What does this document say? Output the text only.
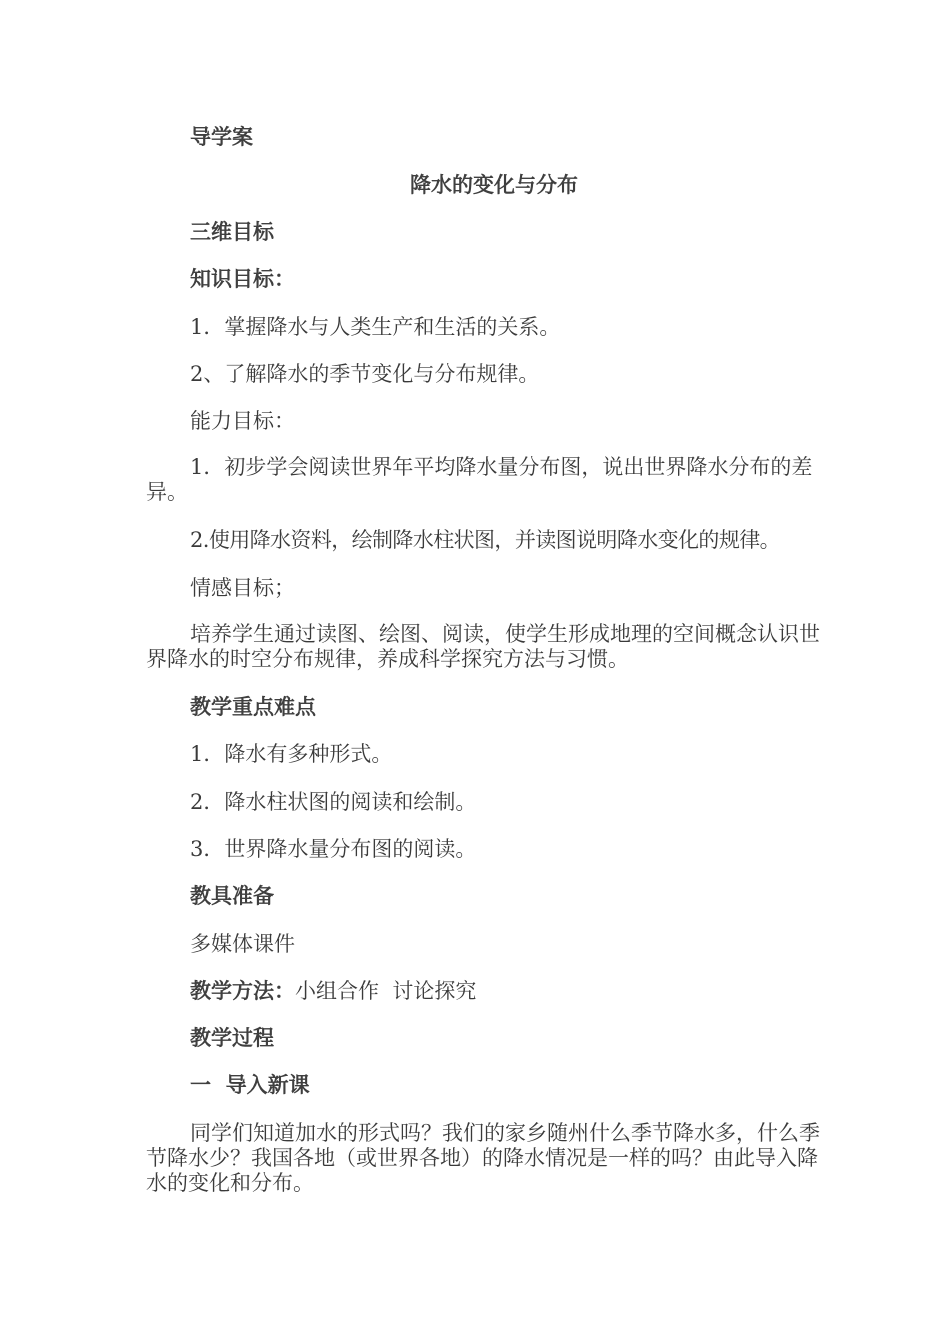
导学案
降水的变化与分布
三维目标
知识目标：
1．掌握降水与人类生产和生活的关系。
2、了解降水的季节变化与分布规律。
能力目标：
1．初步学会阅读世界年平均降水量分布图，说出世界降水分布的差异。
2.使用降水资料，绘制降水柱状图，并读图说明降水变化的规律。
情感目标；
培养学生通过读图、绘图、阅读，使学生形成地理的空间概念认识世界降水的时空分布规律，养成科学探究方法与习惯。
教学重点难点
1．降水有多种形式。
2．降水柱状图的阅读和绘制。
3．世界降水量分布图的阅读。
教具准备
多媒体课件
教学方法：小组合作  讨论探究
教学过程
一  导入新课
同学们知道加水的形式吗？我们的家乡随州什么季节降水多，什么季节降水少？我国各地（或世界各地）的降水情况是一样的吗？由此导入降水的变化和分布。
